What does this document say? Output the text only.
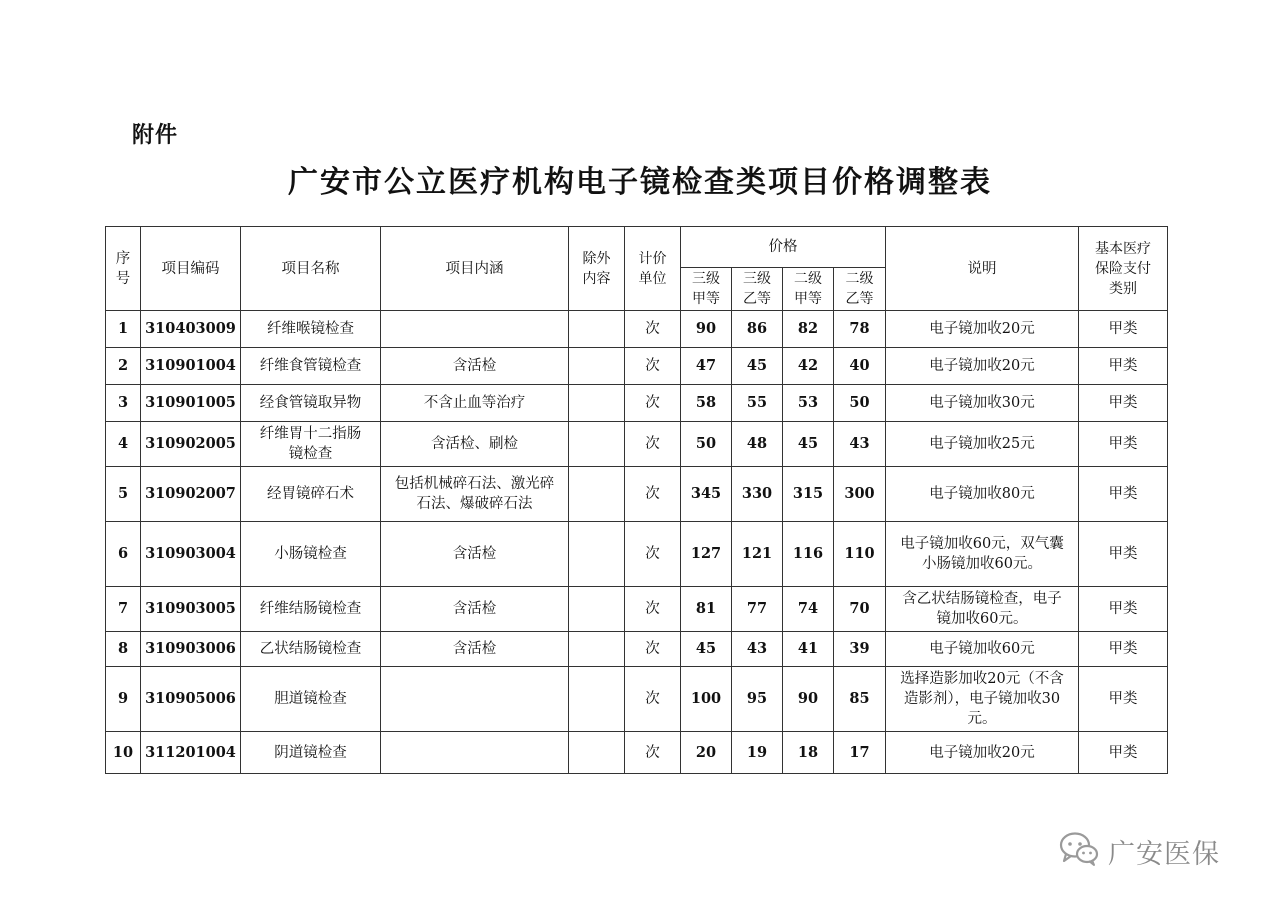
附件
广安市公立医疗机构电子镜检查类项目价格调整表
序号	项目编码	项目名称	项目内涵	除外内容	计价单位	价格				说明	基本医疗保险支付类别
						三级甲等	三级乙等	二级甲等	二级乙等		
1	310403009	纤维喉镜检查			次	90	86	82	78	电子镜加收20元	甲类
2	310901004	纤维食管镜检查	含活检		次	47	45	42	40	电子镜加收20元	甲类
3	310901005	经食管镜取异物	不含止血等治疗		次	58	55	53	50	电子镜加收30元	甲类
4	310902005	纤维胃十二指肠镜检查	含活检、刷检		次	50	48	45	43	电子镜加收25元	甲类
5	310902007	经胃镜碎石术	包括机械碎石法、激光碎石法、爆破碎石法		次	345	330	315	300	电子镜加收80元	甲类
6	310903004	小肠镜检查	含活检		次	127	121	116	110	电子镜加收60元，双气囊小肠镜加收60元。	甲类
7	310903005	纤维结肠镜检查	含活检		次	81	77	74	70	含乙状结肠镜检查，电子镜加收60元。	甲类
8	310903006	乙状结肠镜检查	含活检		次	45	43	41	39	电子镜加收60元	甲类
9	310905006	胆道镜检查			次	100	95	90	85	选择造影加收20元（不含造影剂），电子镜加收30元。	甲类
10	311201004	阴道镜检查			次	20	19	18	17	电子镜加收20元	甲类
广安医保
